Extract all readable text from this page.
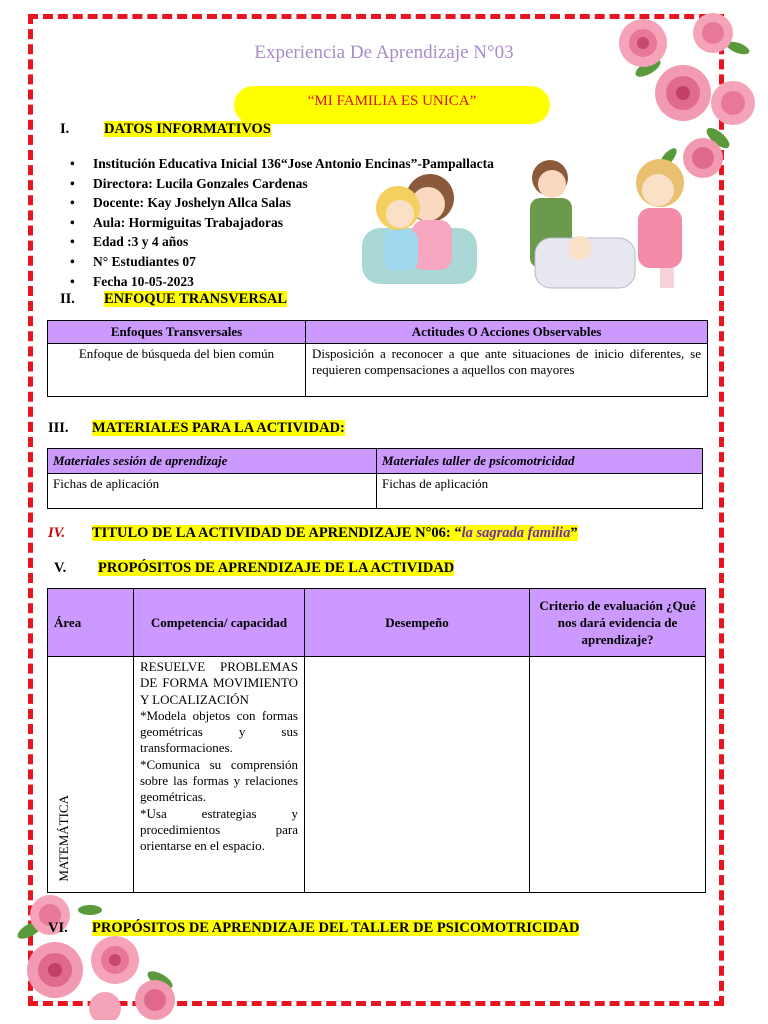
Experiencia De Aprendizaje N°03
“MI FAMILIA ES UNICA”
I. DATOS INFORMATIVOS
• Institución Educativa Inicial 136“Jose Antonio Encinas”-Pampallacta
• Directora: Lucila Gonzales Cardenas
• Docente: Kay Joshelyn Allca Salas
• Aula: Hormiguitas Trabajadoras
• Edad :3 y 4 años
• N° Estudiantes 07
• Fecha 10-05-2023
II. ENFOQUE TRANSVERSAL
Enfoques Transversales	Actitudes O Acciones Observables
Enfoque de búsqueda del bien común	Disposición a reconocer a que ante situaciones de inicio diferentes, se requieren compensaciones a aquellos con mayores
III. MATERIALES PARA LA ACTIVIDAD:
Materiales sesión de aprendizaje	Materiales taller de psicomotricidad
Fichas de aplicación	Fichas de aplicación
IV. TITULO DE LA ACTIVIDAD DE APRENDIZAJE N°06: “la sagrada familia”
V. PROPÓSITOS DE APRENDIZAJE DE LA ACTIVIDAD
Área	Competencia/ capacidad	Desempeño	Criterio de evaluación ¿Qué nos dará evidencia de aprendizaje?
MATEMÁTICA	RESUELVE PROBLEMAS DE FORMA MOVIMIENTO Y LOCALIZACIÓN
*Modela objetos con formas geométricas y sus transformaciones.
*Comunica su comprensión sobre las formas y relaciones geométricas.
*Usa estrategias y procedimientos para orientarse en el espacio.		

VI. PROPÓSITOS DE APRENDIZAJE DEL TALLER DE PSICOMOTRICIDAD
